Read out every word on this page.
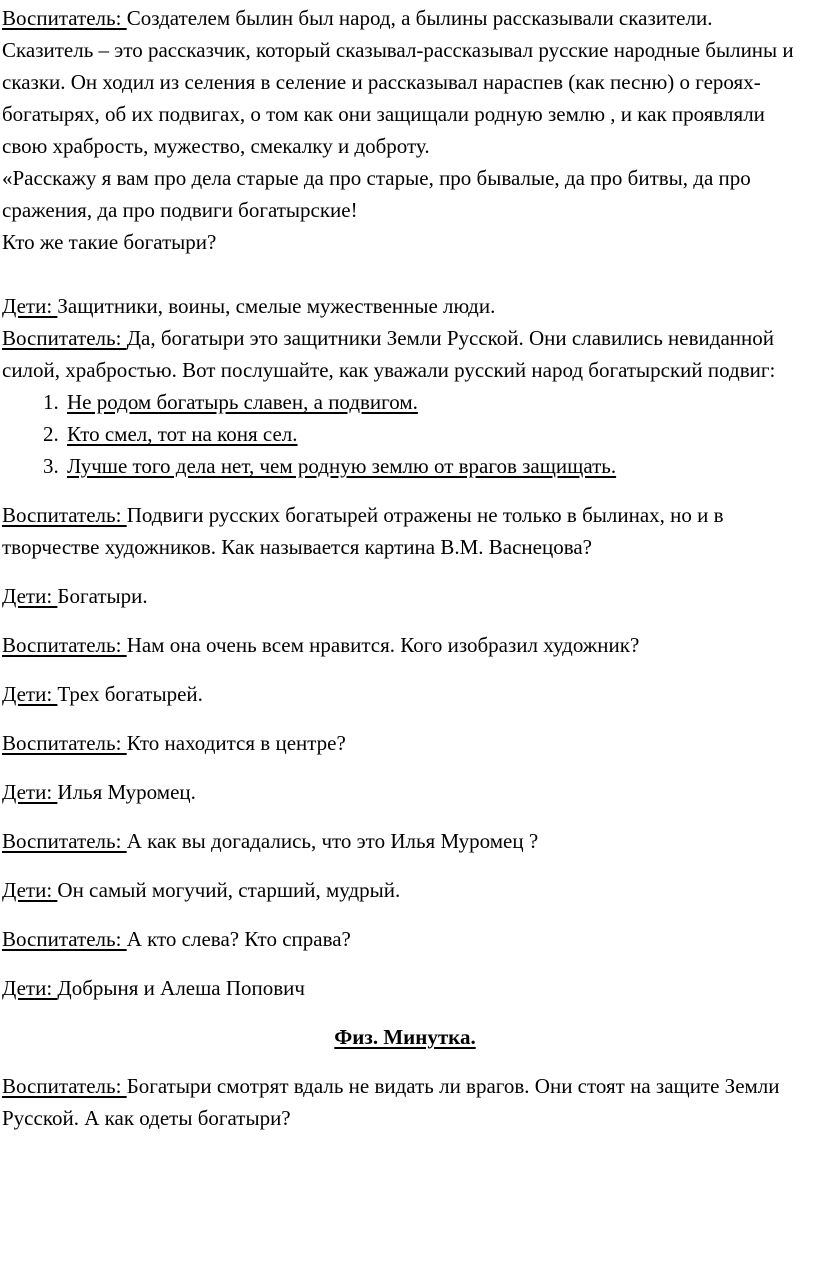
Воспитатель: Создателем былин был народ, а былины рассказывали сказители.

Сказитель – это рассказчик, который сказывал-рассказывал русские народные былины и сказки. Он ходил из селения в селение и рассказывал нараспев (как песню) о героях-богатырях, об их подвигах, о том как они защищали родную землю , и как проявляли свою храбрость, мужество, смекалку и доброту.

«Расскажу я вам про дела старые да про старые, про бывалые, да про битвы, да про сражения, да про подвиги богатырские!

Кто же такие богатыри?

Дети: Защитники, воины, смелые мужественные люди.

Воспитатель: Да, богатыри это защитники Земли Русской. Они славились невиданной силой, храбростью. Вот послушайте, как уважали русский народ богатырский подвиг:

1. Не родом богатырь славен, а подвигом.
2. Кто смел, тот на коня сел.
3. Лучше того дела нет, чем родную землю от врагов защищать.

Воспитатель: Подвиги русских богатырей отражены не только в былинах, но и в творчестве художников. Как называется картина В.М. Васнецова?

Дети: Богатыри.

Воспитатель: Нам она очень всем нравится. Кого изобразил художник?

Дети: Трех богатырей.

Воспитатель: Кто находится в центре?

Дети: Илья Муромец.

Воспитатель: А как вы догадались, что это Илья Муромец ?

Дети: Он самый могучий, старший, мудрый.

Воспитатель: А кто слева? Кто справа?

Дети: Добрыня и Алеша Попович

Физ. Минутка.

Воспитатель: Богатыри смотрят вдаль не видать ли врагов. Они стоят на защите Земли Русской. А как одеты богатыри?
